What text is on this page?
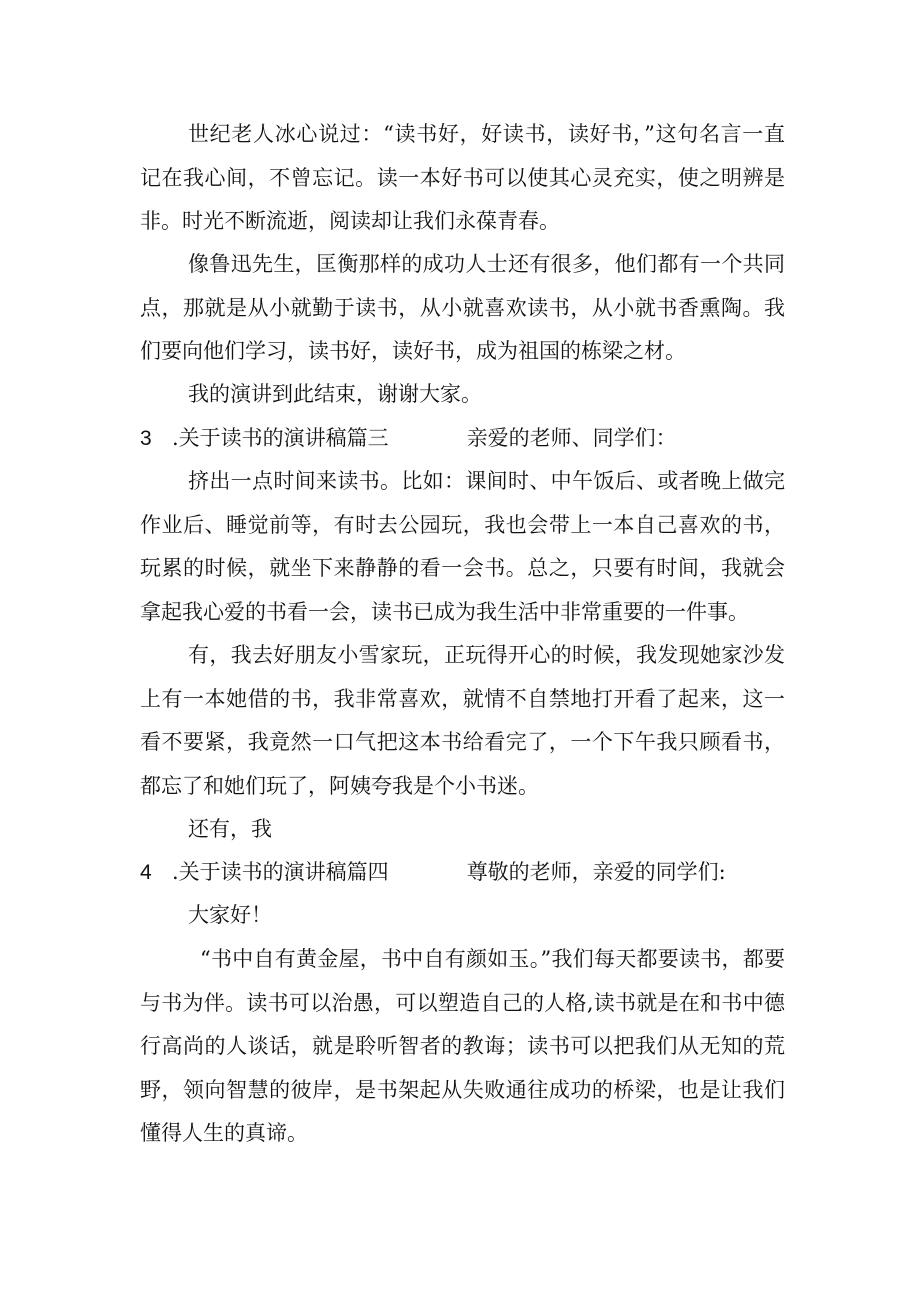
世纪老人冰心说过：“读书好，好读书，读好书，”这句名言一直记在我心间，不曾忘记。读一本好书可以使其心灵充实，使之明辨是非。时光不断流逝，阅读却让我们永葆青春。

像鲁迅先生，匡衡那样的成功人士还有很多，他们都有一个共同点，那就是从小就勤于读书，从小就喜欢读书，从小就书香熏陶。我们要向他们学习，读书好，读好书，成为祖国的栋梁之材。

我的演讲到此结束，谢谢大家。

3 .关于读书的演讲稿篇三	亲爱的老师、同学们：

挤出一点时间来读书。比如：课间时、中午饭后、或者晚上做完作业后、睡觉前等，有时去公园玩，我也会带上一本自己喜欢的书，玩累的时候，就坐下来静静的看一会书。总之，只要有时间，我就会拿起我心爱的书看一会，读书已成为我生活中非常重要的一件事。

有，我去好朋友小雪家玩，正玩得开心的时候，我发现她家沙发上有一本她借的书，我非常喜欢，就情不自禁地打开看了起来，这一看不要紧，我竟然一口气把这本书给看完了，一个下午我只顾看书，都忘了和她们玩了，阿姨夸我是个小书迷。

还有，我

4 .关于读书的演讲稿篇四	尊敬的老师，亲爱的同学们:

大家好！

“书中自有黄金屋，书中自有颜如玉。”我们每天都要读书，都要与书为伴。读书可以治愚，可以塑造自己的人格,读书就是在和书中德行高尚的人谈话，就是聆听智者的教诲；读书可以把我们从无知的荒野，领向智慧的彼岸，是书架起从失败通往成功的桥梁，也是让我们懂得人生的真谛。
